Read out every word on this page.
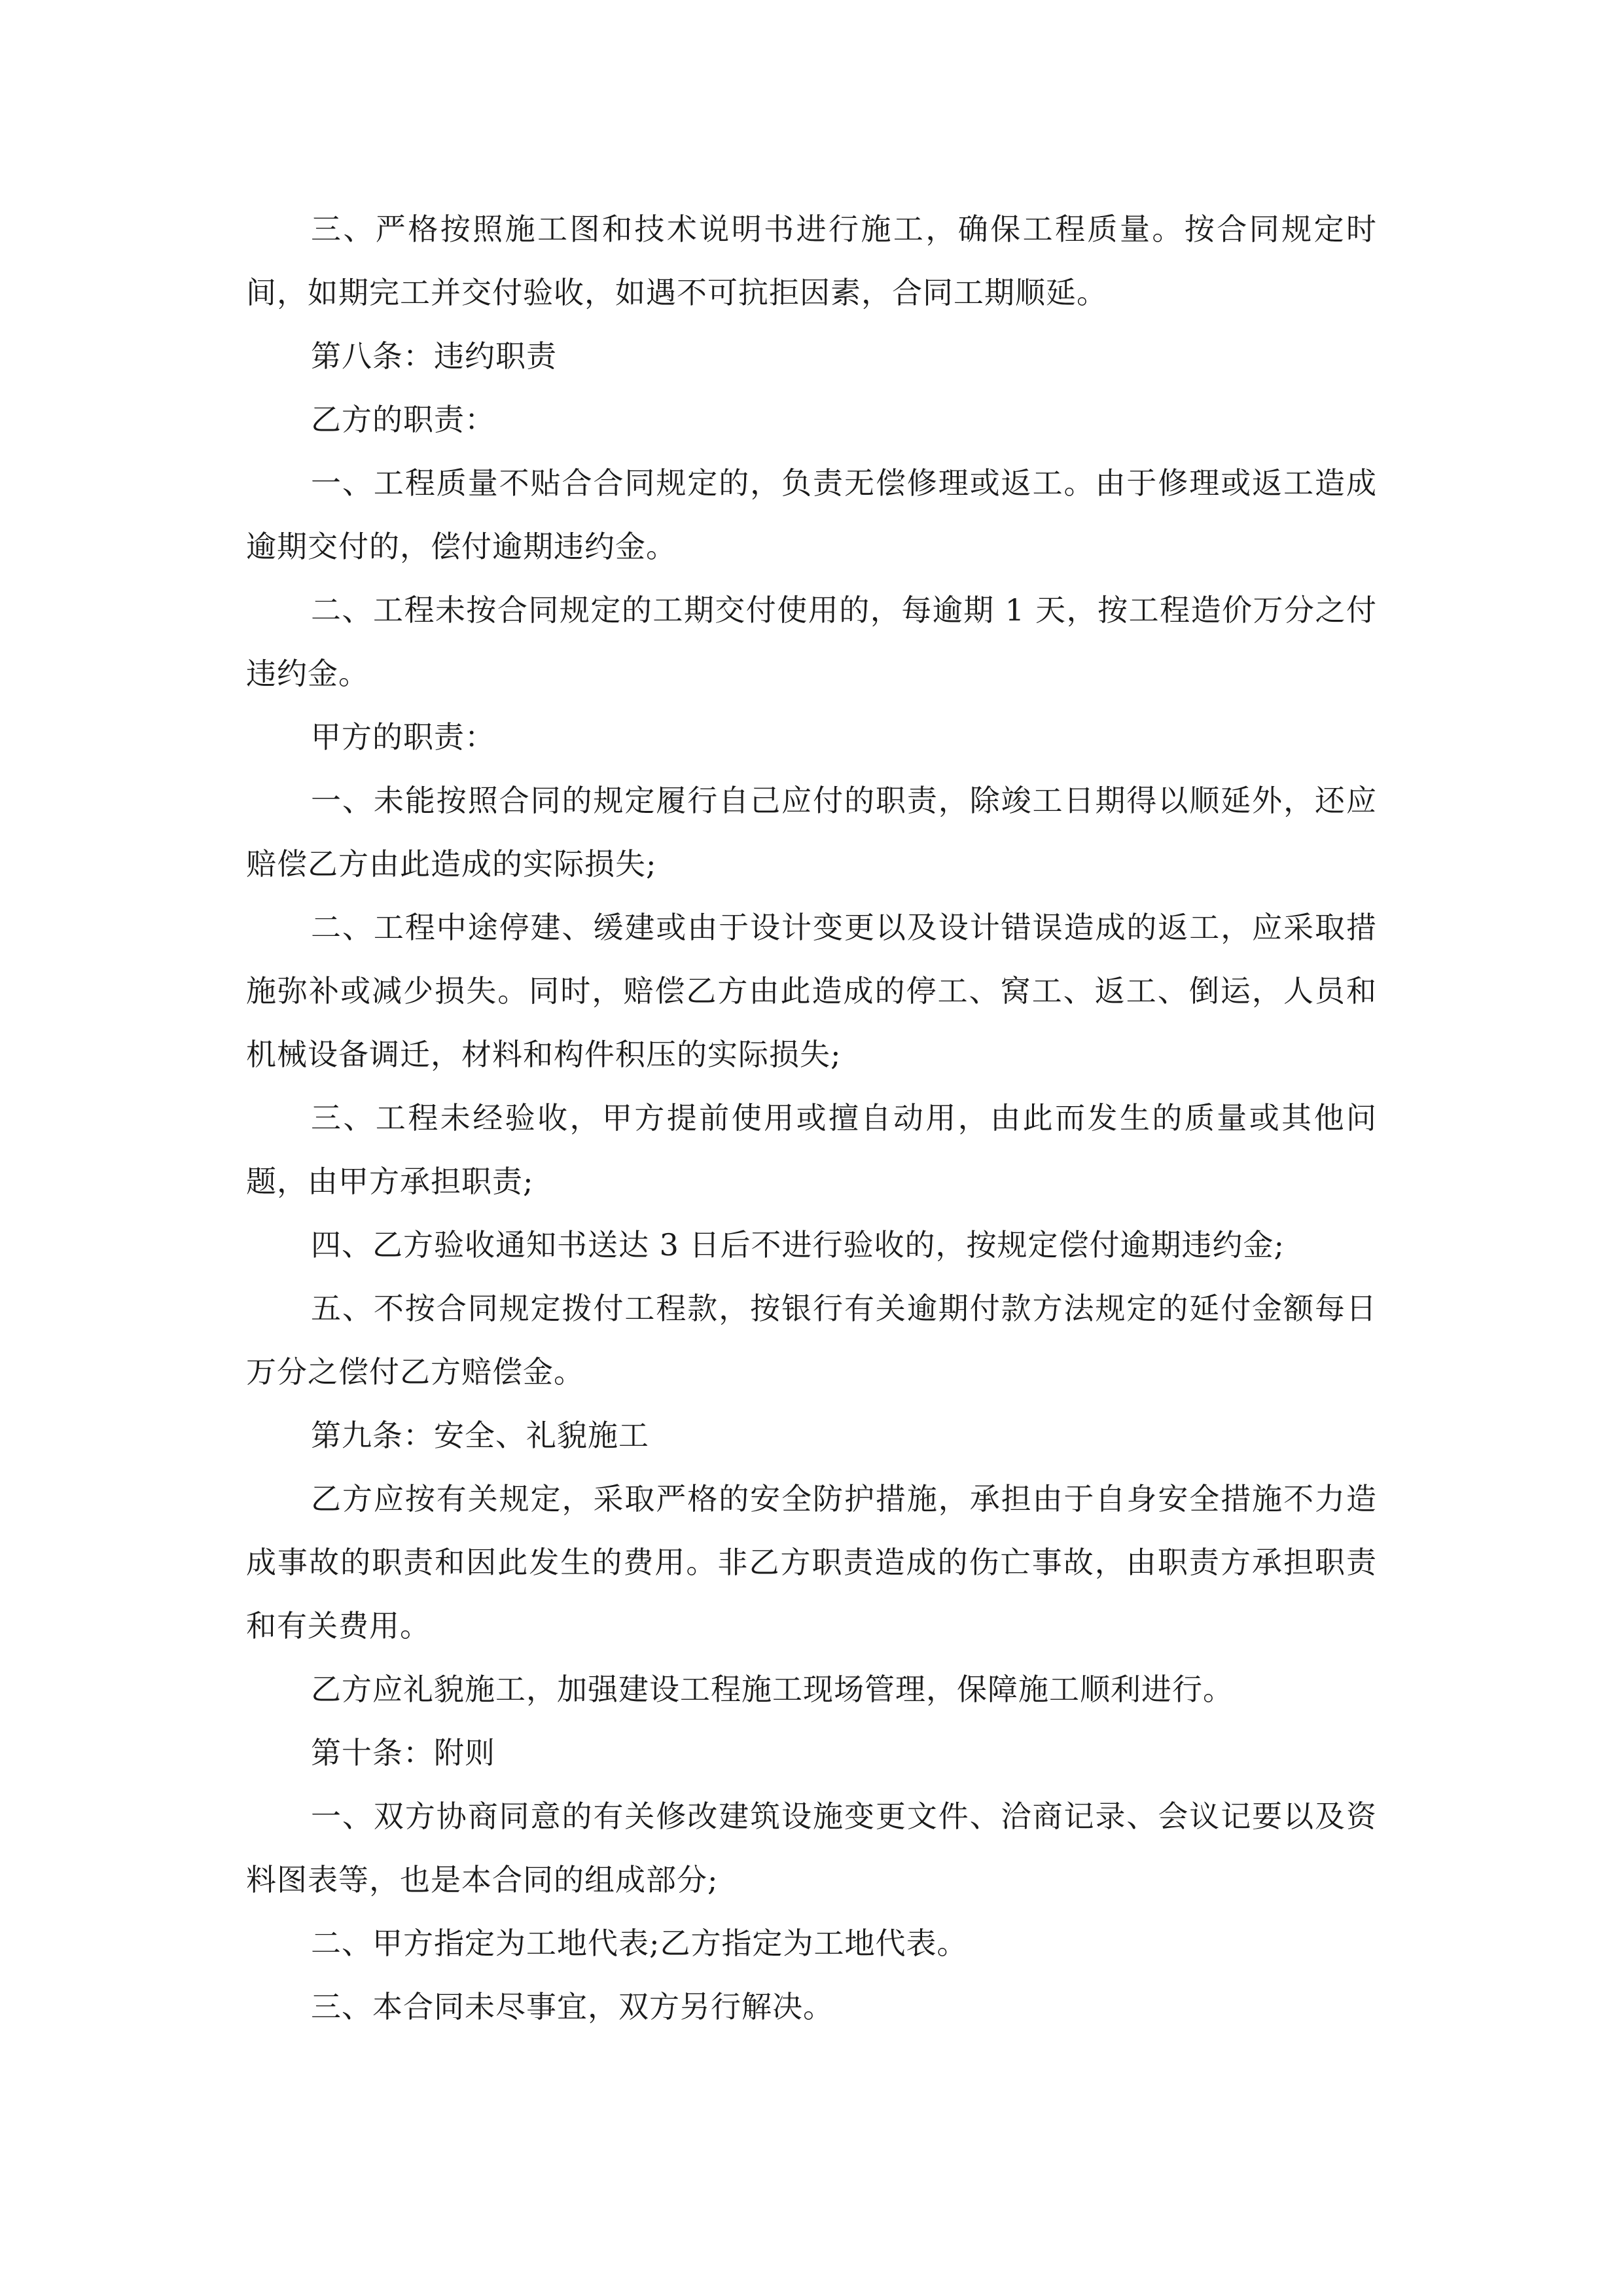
三、严格按照施工图和技术说明书进行施工，确保工程质量。按合同规定时间，如期完工并交付验收，如遇不可抗拒因素，合同工期顺延。

第八条：违约职责

乙方的职责：

一、工程质量不贴合合同规定的，负责无偿修理或返工。由于修理或返工造成逾期交付的，偿付逾期违约金。

二、工程未按合同规定的工期交付使用的，每逾期 1 天，按工程造价万分之付违约金。

甲方的职责：

一、未能按照合同的规定履行自己应付的职责，除竣工日期得以顺延外，还应赔偿乙方由此造成的实际损失;

二、工程中途停建、缓建或由于设计变更以及设计错误造成的返工，应采取措施弥补或减少损失。同时，赔偿乙方由此造成的停工、窝工、返工、倒运，人员和机械设备调迁，材料和构件积压的实际损失;

三、工程未经验收，甲方提前使用或擅自动用，由此而发生的质量或其他问题，由甲方承担职责;

四、乙方验收通知书送达 3 日后不进行验收的，按规定偿付逾期违约金;

五、不按合同规定拨付工程款，按银行有关逾期付款方法规定的延付金额每日万分之偿付乙方赔偿金。

第九条：安全、礼貌施工

乙方应按有关规定，采取严格的安全防护措施，承担由于自身安全措施不力造成事故的职责和因此发生的费用。非乙方职责造成的伤亡事故，由职责方承担职责和有关费用。

乙方应礼貌施工，加强建设工程施工现场管理，保障施工顺利进行。

第十条：附则

一、双方协商同意的有关修改建筑设施变更文件、洽商记录、会议记要以及资料图表等，也是本合同的组成部分;

二、甲方指定为工地代表;乙方指定为工地代表。

三、本合同未尽事宜，双方另行解决。
